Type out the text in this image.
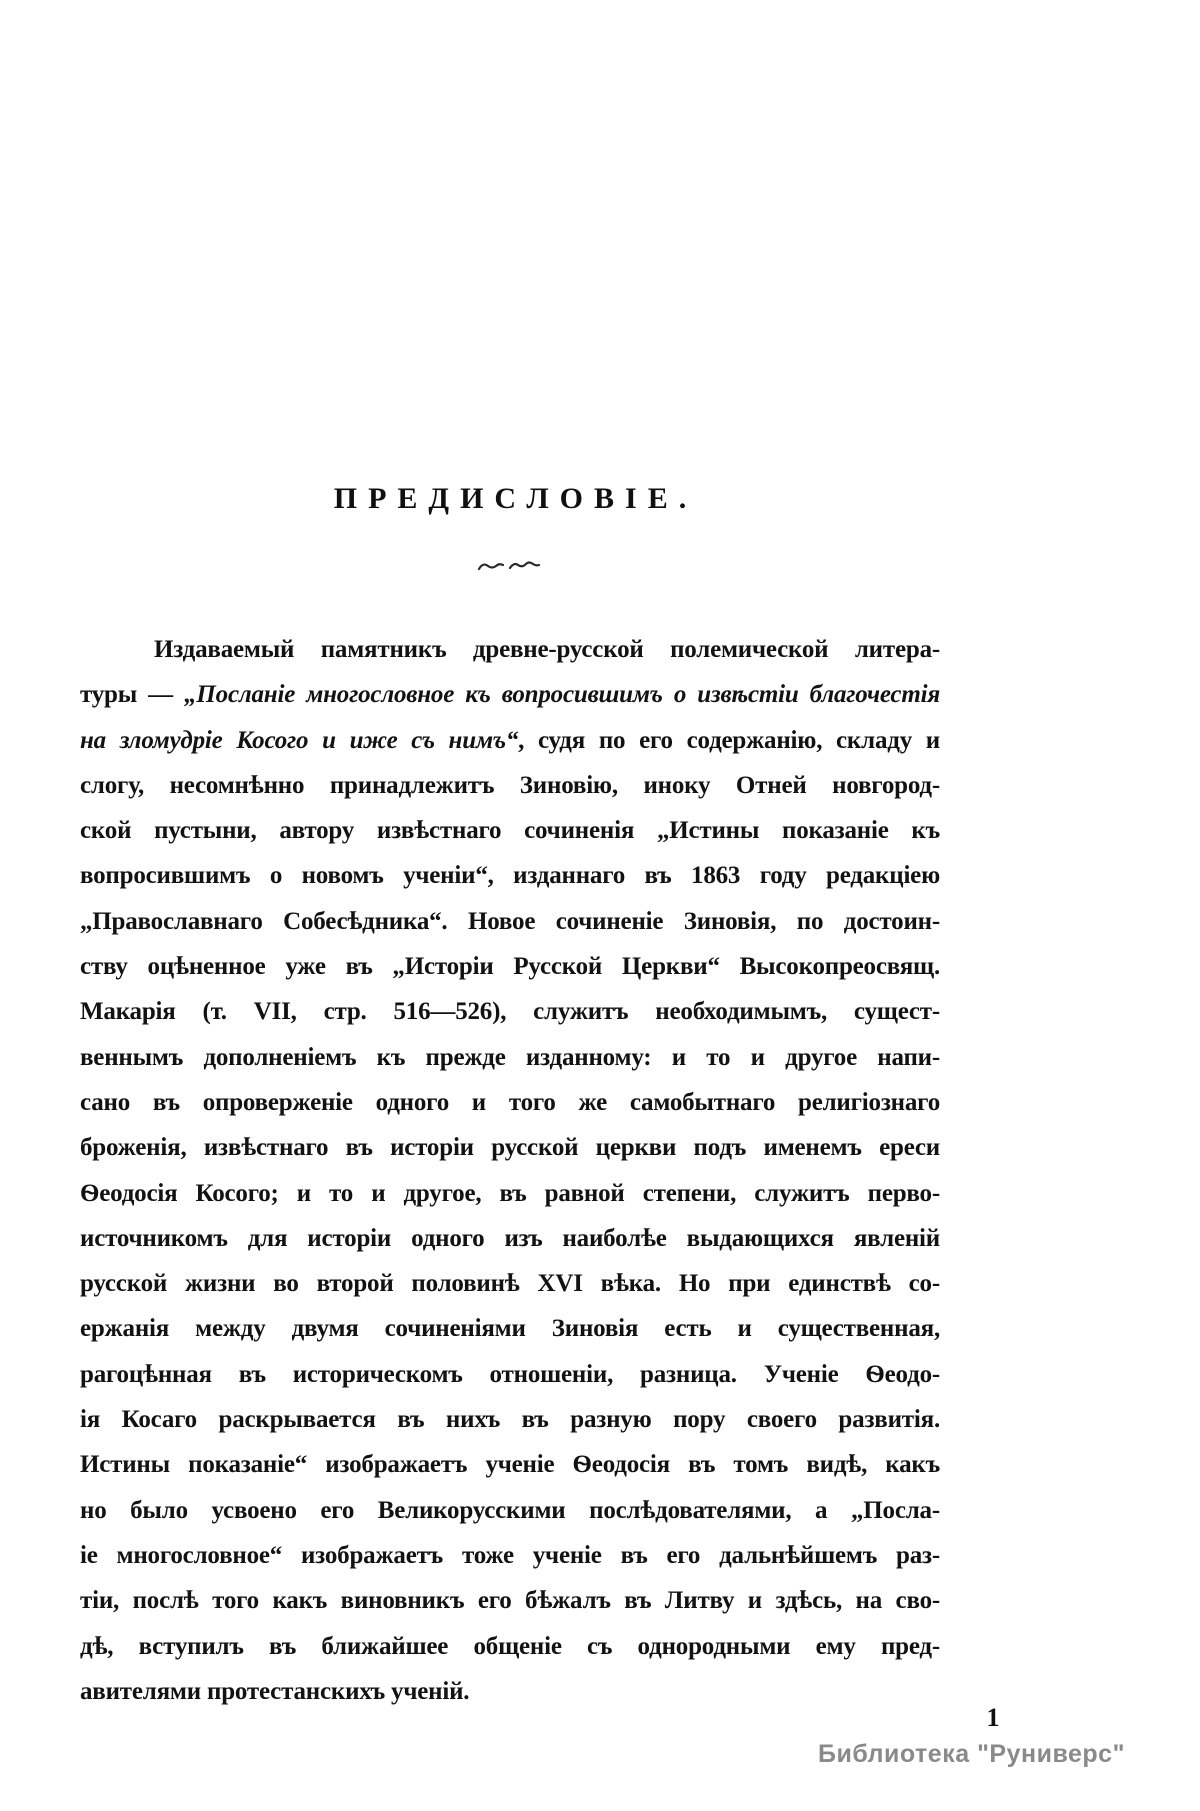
ПРЕДИСЛОВІЕ.
Издаваемый памятникъ древне-русской полемической литера-
туры — „Посланіе многословное къ вопросившимъ о извѣстіи благочестія
на зломудріе Косого и иже съ нимъ“, судя по его содержанію, складу и
слогу, несомнѣнно принадлежитъ Зиновію, иноку Отней новгород-
ской пустыни, автору извѣстнаго сочиненія „Истины показаніе къ
вопросившимъ о новомъ ученіи“, изданнаго въ 1863 году редакціею
„Православнаго Собесѣдника“. Новое сочиненіе Зиновія, по достоин-
ству оцѣненное уже въ „Исторіи Русской Церкви“ Высокопреосвящ.
Макарія (т. VII, стр. 516—526), служитъ необходимымъ, сущест-
веннымъ дополненіемъ къ прежде изданному: и то и другое напи-
сано въ опроверженіе одного и того же самобытнаго религіознаго
броженія, извѣстнаго въ исторіи русской церкви подъ именемъ ереси
Ѳеодосія Косого; и то и другое, въ равной степени, служитъ перво-
источникомъ для исторіи одного изъ наиболѣе выдающихся явленій
русской жизни во второй половинѣ XVI вѣка. Но при единствѣ со-
ержанія между двумя сочиненіями Зиновія есть и существенная,
рагоцѣнная въ историческомъ отношеніи, разница. Ученіе Ѳеодо-
ія Косаго раскрывается въ нихъ въ разную пору своего развитія.
Истины показаніе“ изображаетъ ученіе Ѳеодосія въ томъ видѣ, какъ
но было усвоено его Великорусскими послѣдователями, а „Посла-
іе многословное“ изображаетъ тоже ученіе въ его дальнѣйшемъ раз-
тіи, послѣ того какъ виновникъ его бѣжалъ въ Литву и здѣсь, на сво-
дѣ, вступилъ въ ближайшее общеніе съ однородными ему пред-
авителями протестанскихъ ученій.
1
Библиотека "Руниверс"
